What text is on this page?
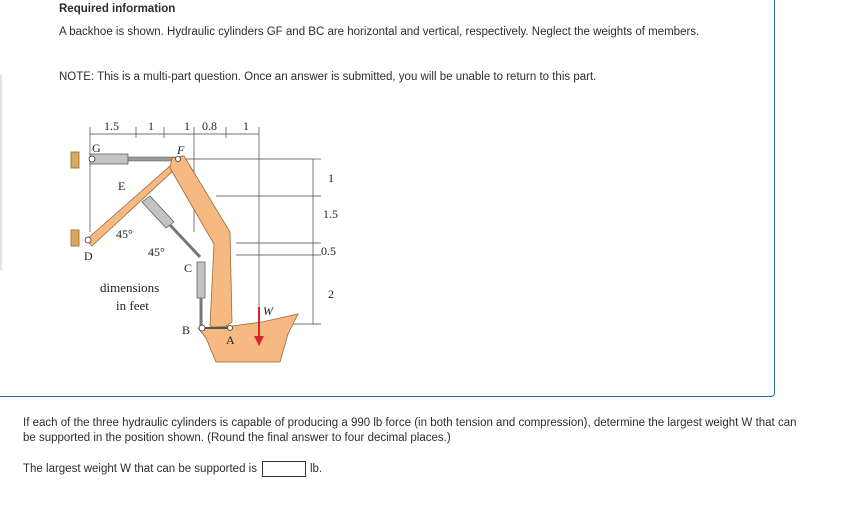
Required information
A backhoe is shown. Hydraulic cylinders GF and BC are horizontal and vertical, respectively. Neglect the weights of members.
NOTE: This is a multi-part question. Once an answer is submitted, you will be unable to return to this part.
1.5 1	1 0.8 1
1
1.5
0.5
2
G	F
E
D
C
B
A
W
45°
45°
dimensions
in feet
If each of the three hydraulic cylinders is capable of producing a 990 lb force (in both tension and compression), determine the largest weight W that can be supported in the position shown. (Round the final answer to four decimal places.)
The largest weight W that can be supported is	lb.
